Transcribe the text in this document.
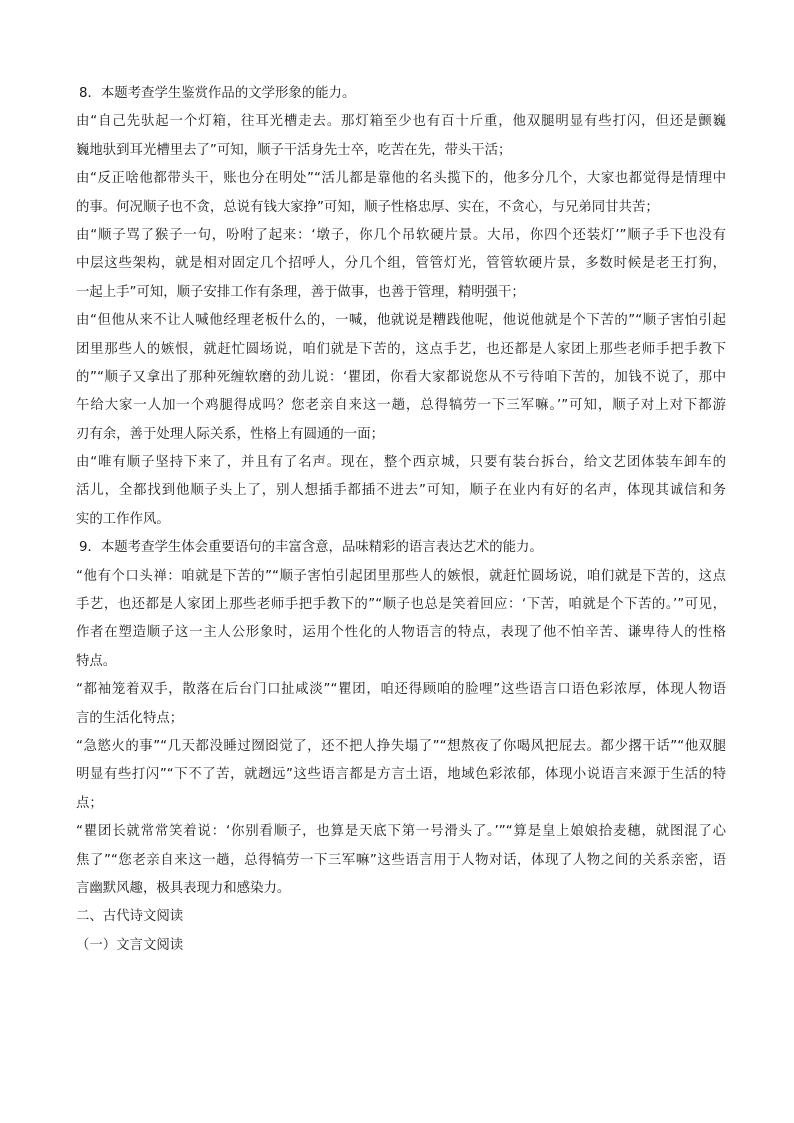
8．本题考查学生鉴赏作品的文学形象的能力。
由“自己先驮起一个灯箱，往耳光槽走去。那灯箱至少也有百十斤重，他双腿明显有些打闪，但还是颤巍
巍地驮到耳光槽里去了”可知，顺子干活身先士卒，吃苦在先，带头干活；
由“反正啥他都带头干，账也分在明处”“活儿都是靠他的名头揽下的，他多分几个，大家也都觉得是情理中
的事。何况顺子也不贪，总说有钱大家挣”可知，顺子性格忠厚、实在，不贪心，与兄弟同甘共苦；
由“顺子骂了猴子一句，吩咐了起来：‘墩子，你几个吊软硬片景。大吊，你四个还装灯’”顺子手下也没有
中层这些架构，就是相对固定几个招呼人，分几个组，管管灯光，管管软硬片景，多数时候是老王打狗，
一起上手”可知，顺子安排工作有条理，善于做事，也善于管理，精明强干；
由“但他从来不让人喊他经理老板什么的，一喊，他就说是糟践他呢，他说他就是个下苦的”“顺子害怕引起
团里那些人的嫉恨，就赶忙圆场说，咱们就是下苦的，这点手艺，也还都是人家团上那些老师手把手教下
的”“顺子又拿出了那种死缠软磨的劲儿说：‘瞿团，你看大家都说您从不亏待咱下苦的，加钱不说了，那中
午给大家一人加一个鸡腿得成吗？您老亲自来这一趟，总得犒劳一下三军嘛。’”可知，顺子对上对下都游
刃有余，善于处理人际关系，性格上有圆通的一面；
由“唯有顺子坚持下来了，并且有了名声。现在，整个西京城，只要有装台拆台，给文艺团体装车卸车的
活儿，全都找到他顺子头上了，别人想插手都插不进去”可知，顺子在业内有好的名声，体现其诚信和务
实的工作作风。
9．本题考查学生体会重要语句的丰富含意，品味精彩的语言表达艺术的能力。
“他有个口头禅：咱就是下苦的”“顺子害怕引起团里那些人的嫉恨，就赶忙圆场说，咱们就是下苦的，这点
手艺，也还都是人家团上那些老师手把手教下的”“顺子也总是笑着回应：‘下苦，咱就是个下苦的。’”可见，
作者在塑造顺子这一主人公形象时，运用个性化的人物语言的特点，表现了他不怕辛苦、谦卑待人的性格
特点。
“都袖笼着双手，散落在后台门口扯咸淡”“瞿团，咱还得顾咱的脸哩”这些语言口语色彩浓厚，体现人物语
言的生活化特点；
“急慾火的事”“几天都没睡过囫囵觉了，还不把人挣失塌了”“想熬夜了你喝风把屁去。都少撂干话”“他双腿
明显有些打闪”“下不了苦，就趔远”这些语言都是方言土语，地域色彩浓郁，体现小说语言来源于生活的特
点；
“瞿团长就常常笑着说：‘你别看顺子，也算是天底下第一号滑头了。’”“算是皇上娘娘拾麦穗，就图混了心
焦了”“您老亲自来这一趟，总得犒劳一下三军嘛”这些语言用于人物对话，体现了人物之间的关系亲密，语
言幽默风趣，极具表现力和感染力。
二、古代诗文阅读
（一）文言文阅读
